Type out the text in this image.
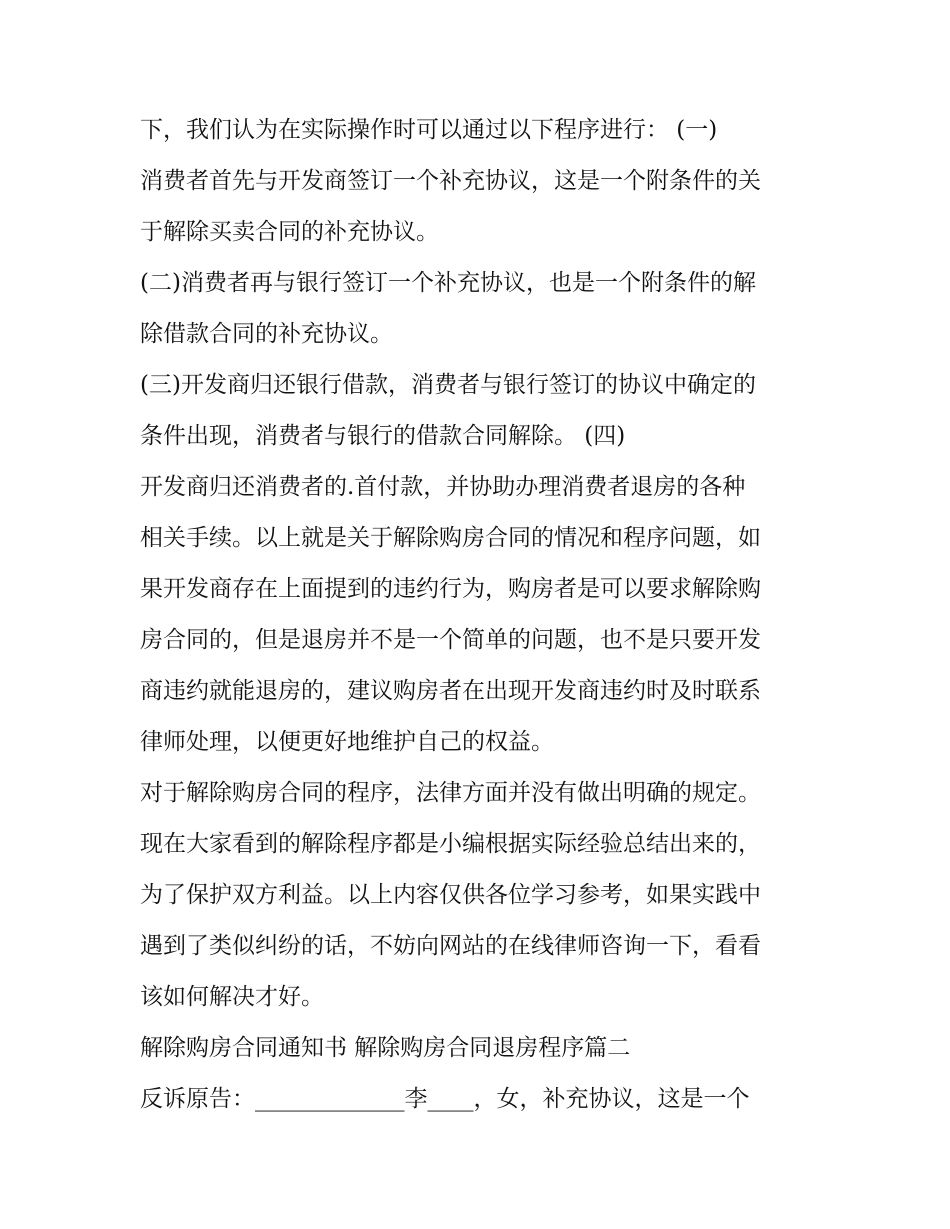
下，我们认为在实际操作时可以通过以下程序进行： (一)
消费者首先与开发商签订一个补充协议，这是一个附条件的关
于解除买卖合同的补充协议。
(二)消费者再与银行签订一个补充协议，也是一个附条件的解
除借款合同的补充协议。
(三)开发商归还银行借款，消费者与银行签订的协议中确定的
条件出现，消费者与银行的借款合同解除。 (四)
开发商归还消费者的.首付款，并协助办理消费者退房的各种
相关手续。以上就是关于解除购房合同的情况和程序问题，如
果开发商存在上面提到的违约行为，购房者是可以要求解除购
房合同的，但是退房并不是一个简单的问题，也不是只要开发
商违约就能退房的，建议购房者在出现开发商违约时及时联系
律师处理，以便更好地维护自己的权益。
对于解除购房合同的程序，法律方面并没有做出明确的规定。
现在大家看到的解除程序都是小编根据实际经验总结出来的，
为了保护双方利益。以上内容仅供各位学习参考，如果实践中
遇到了类似纠纷的话，不妨向网站的在线律师咨询一下，看看
该如何解决才好。
解除购房合同通知书 解除购房合同退房程序篇二
反诉原告：_____________李____，女，补充协议，这是一个
